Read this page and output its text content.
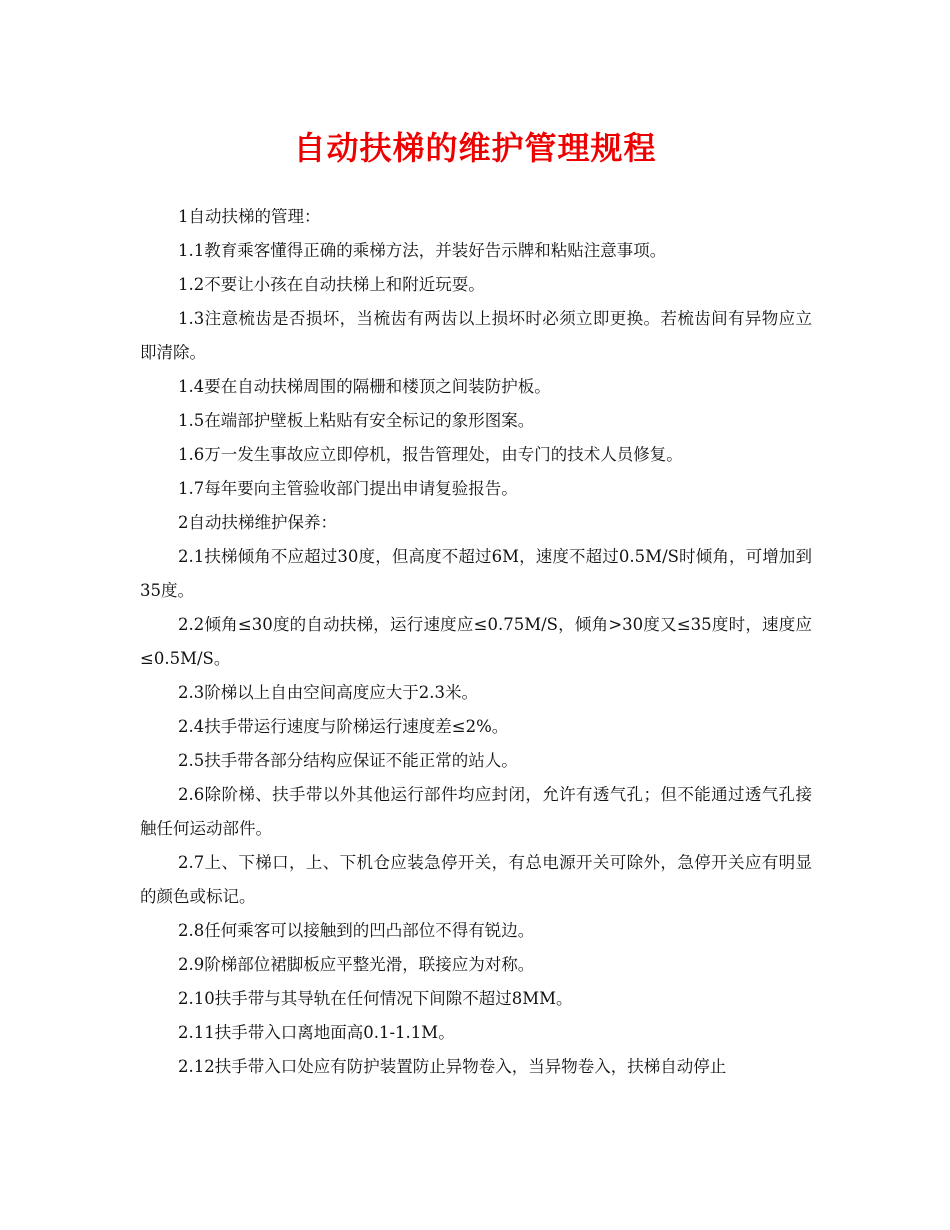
自动扶梯的维护管理规程

1自动扶梯的管理：

1.1教育乘客懂得正确的乘梯方法，并装好告示牌和粘贴注意事项。

1.2不要让小孩在自动扶梯上和附近玩耍。

1.3注意梳齿是否损坏，当梳齿有两齿以上损坏时必须立即更换。若梳齿间有异物应立即清除。

1.4要在自动扶梯周围的隔栅和楼顶之间装防护板。

1.5在端部护壁板上粘贴有安全标记的象形图案。

1.6万一发生事故应立即停机，报告管理处，由专门的技术人员修复。

1.7每年要向主管验收部门提出申请复验报告。

2自动扶梯维护保养：

2.1扶梯倾角不应超过30度，但高度不超过6M，速度不超过0.5M/S时倾角，可增加到35度。

2.2倾角≤30度的自动扶梯，运行速度应≤0.75M/S，倾角>30度又≤35度时，速度应≤0.5M/S。

2.3阶梯以上自由空间高度应大于2.3米。

2.4扶手带运行速度与阶梯运行速度差≤2%。

2.5扶手带各部分结构应保证不能正常的站人。

2.6除阶梯、扶手带以外其他运行部件均应封闭，允许有透气孔；但不能通过透气孔接触任何运动部件。

2.7上、下梯口，上、下机仓应装急停开关，有总电源开关可除外，急停开关应有明显的颜色或标记。

2.8任何乘客可以接触到的凹凸部位不得有锐边。

2.9阶梯部位裙脚板应平整光滑，联接应为对称。

2.10扶手带与其导轨在任何情况下间隙不超过8MM。

2.11扶手带入口离地面高0.1-1.1M。

2.12扶手带入口处应有防护装置防止异物卷入，当异物卷入，扶梯自动停止
